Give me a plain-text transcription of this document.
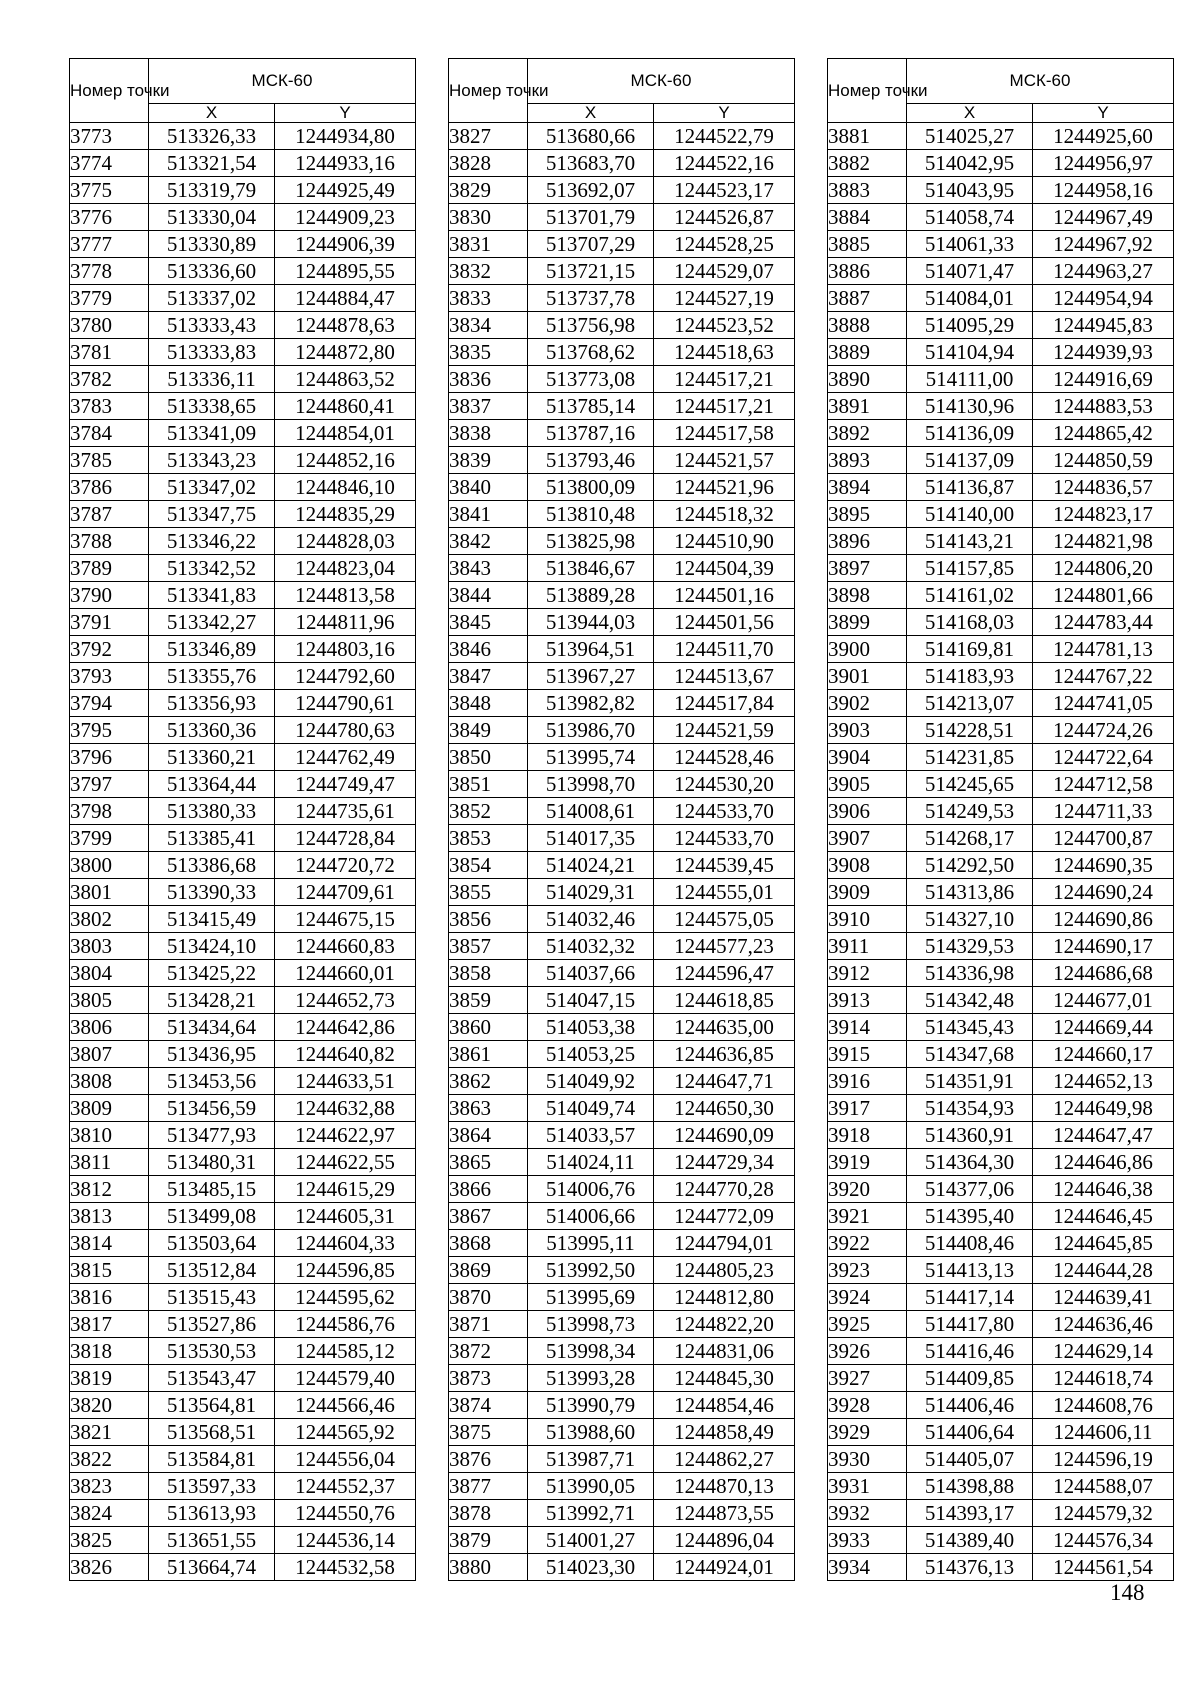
Номер точки	МСК-60	
	X	Y
3773	513326,33	1244934,80
3774	513321,54	1244933,16
3775	513319,79	1244925,49
3776	513330,04	1244909,23
3777	513330,89	1244906,39
3778	513336,60	1244895,55
3779	513337,02	1244884,47
3780	513333,43	1244878,63
3781	513333,83	1244872,80
3782	513336,11	1244863,52
3783	513338,65	1244860,41
3784	513341,09	1244854,01
3785	513343,23	1244852,16
3786	513347,02	1244846,10
3787	513347,75	1244835,29
3788	513346,22	1244828,03
3789	513342,52	1244823,04
3790	513341,83	1244813,58
3791	513342,27	1244811,96
3792	513346,89	1244803,16
3793	513355,76	1244792,60
3794	513356,93	1244790,61
3795	513360,36	1244780,63
3796	513360,21	1244762,49
3797	513364,44	1244749,47
3798	513380,33	1244735,61
3799	513385,41	1244728,84
3800	513386,68	1244720,72
3801	513390,33	1244709,61
3802	513415,49	1244675,15
3803	513424,10	1244660,83
3804	513425,22	1244660,01
3805	513428,21	1244652,73
3806	513434,64	1244642,86
3807	513436,95	1244640,82
3808	513453,56	1244633,51
3809	513456,59	1244632,88
3810	513477,93	1244622,97
3811	513480,31	1244622,55
3812	513485,15	1244615,29
3813	513499,08	1244605,31
3814	513503,64	1244604,33
3815	513512,84	1244596,85
3816	513515,43	1244595,62
3817	513527,86	1244586,76
3818	513530,53	1244585,12
3819	513543,47	1244579,40
3820	513564,81	1244566,46
3821	513568,51	1244565,92
3822	513584,81	1244556,04
3823	513597,33	1244552,37
3824	513613,93	1244550,76
3825	513651,55	1244536,14
3826	513664,74	1244532,58
Номер точки	МСК-60	
	X	Y
3827	513680,66	1244522,79
3828	513683,70	1244522,16
3829	513692,07	1244523,17
3830	513701,79	1244526,87
3831	513707,29	1244528,25
3832	513721,15	1244529,07
3833	513737,78	1244527,19
3834	513756,98	1244523,52
3835	513768,62	1244518,63
3836	513773,08	1244517,21
3837	513785,14	1244517,21
3838	513787,16	1244517,58
3839	513793,46	1244521,57
3840	513800,09	1244521,96
3841	513810,48	1244518,32
3842	513825,98	1244510,90
3843	513846,67	1244504,39
3844	513889,28	1244501,16
3845	513944,03	1244501,56
3846	513964,51	1244511,70
3847	513967,27	1244513,67
3848	513982,82	1244517,84
3849	513986,70	1244521,59
3850	513995,74	1244528,46
3851	513998,70	1244530,20
3852	514008,61	1244533,70
3853	514017,35	1244533,70
3854	514024,21	1244539,45
3855	514029,31	1244555,01
3856	514032,46	1244575,05
3857	514032,32	1244577,23
3858	514037,66	1244596,47
3859	514047,15	1244618,85
3860	514053,38	1244635,00
3861	514053,25	1244636,85
3862	514049,92	1244647,71
3863	514049,74	1244650,30
3864	514033,57	1244690,09
3865	514024,11	1244729,34
3866	514006,76	1244770,28
3867	514006,66	1244772,09
3868	513995,11	1244794,01
3869	513992,50	1244805,23
3870	513995,69	1244812,80
3871	513998,73	1244822,20
3872	513998,34	1244831,06
3873	513993,28	1244845,30
3874	513990,79	1244854,46
3875	513988,60	1244858,49
3876	513987,71	1244862,27
3877	513990,05	1244870,13
3878	513992,71	1244873,55
3879	514001,27	1244896,04
3880	514023,30	1244924,01
Номер точки	МСК-60	
	X	Y
3881	514025,27	1244925,60
3882	514042,95	1244956,97
3883	514043,95	1244958,16
3884	514058,74	1244967,49
3885	514061,33	1244967,92
3886	514071,47	1244963,27
3887	514084,01	1244954,94
3888	514095,29	1244945,83
3889	514104,94	1244939,93
3890	514111,00	1244916,69
3891	514130,96	1244883,53
3892	514136,09	1244865,42
3893	514137,09	1244850,59
3894	514136,87	1244836,57
3895	514140,00	1244823,17
3896	514143,21	1244821,98
3897	514157,85	1244806,20
3898	514161,02	1244801,66
3899	514168,03	1244783,44
3900	514169,81	1244781,13
3901	514183,93	1244767,22
3902	514213,07	1244741,05
3903	514228,51	1244724,26
3904	514231,85	1244722,64
3905	514245,65	1244712,58
3906	514249,53	1244711,33
3907	514268,17	1244700,87
3908	514292,50	1244690,35
3909	514313,86	1244690,24
3910	514327,10	1244690,86
3911	514329,53	1244690,17
3912	514336,98	1244686,68
3913	514342,48	1244677,01
3914	514345,43	1244669,44
3915	514347,68	1244660,17
3916	514351,91	1244652,13
3917	514354,93	1244649,98
3918	514360,91	1244647,47
3919	514364,30	1244646,86
3920	514377,06	1244646,38
3921	514395,40	1244646,45
3922	514408,46	1244645,85
3923	514413,13	1244644,28
3924	514417,14	1244639,41
3925	514417,80	1244636,46
3926	514416,46	1244629,14
3927	514409,85	1244618,74
3928	514406,46	1244608,76
3929	514406,64	1244606,11
3930	514405,07	1244596,19
3931	514398,88	1244588,07
3932	514393,17	1244579,32
3933	514389,40	1244576,34
3934	514376,13	1244561,54
148
